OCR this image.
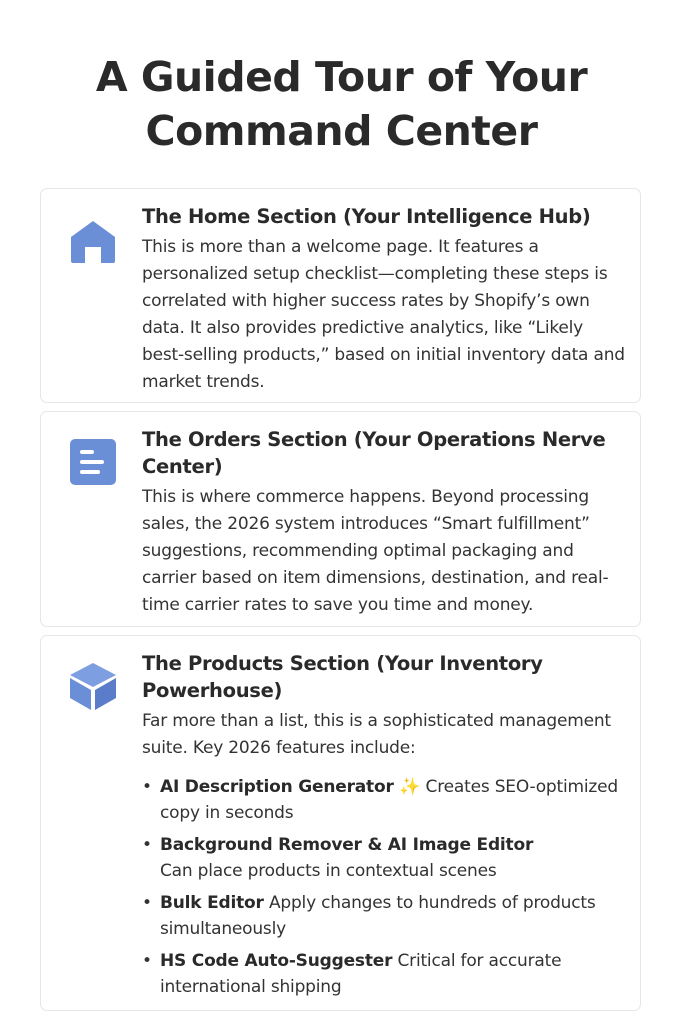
A Guided Tour of Your Command Center
The Home Section (Your Intelligence Hub)

This is more than a welcome page. It features a personalized setup checklist—completing these steps is correlated with higher success rates by Shopify’s own data. It also provides predictive analytics, like “Likely best-selling products,” based on initial inventory data and market trends.

The Orders Section (Your Operations Nerve Center)

This is where commerce happens. Beyond processing sales, the 2026 system introduces “Smart fulfillment” suggestions, recommending optimal packaging and carrier based on item dimensions, destination, and real-time carrier rates to save you time and money.

The Products Section (Your Inventory Powerhouse)

Far more than a list, this is a sophisticated management suite. Key 2026 features include:

• AI Description Generator ✨ Creates SEO-optimized copy in seconds
• Background Remover & AI Image Editor
Can place products in contextual scenes
• Bulk Editor Apply changes to hundreds of products simultaneously
• HS Code Auto-Suggester Critical for accurate international shipping
